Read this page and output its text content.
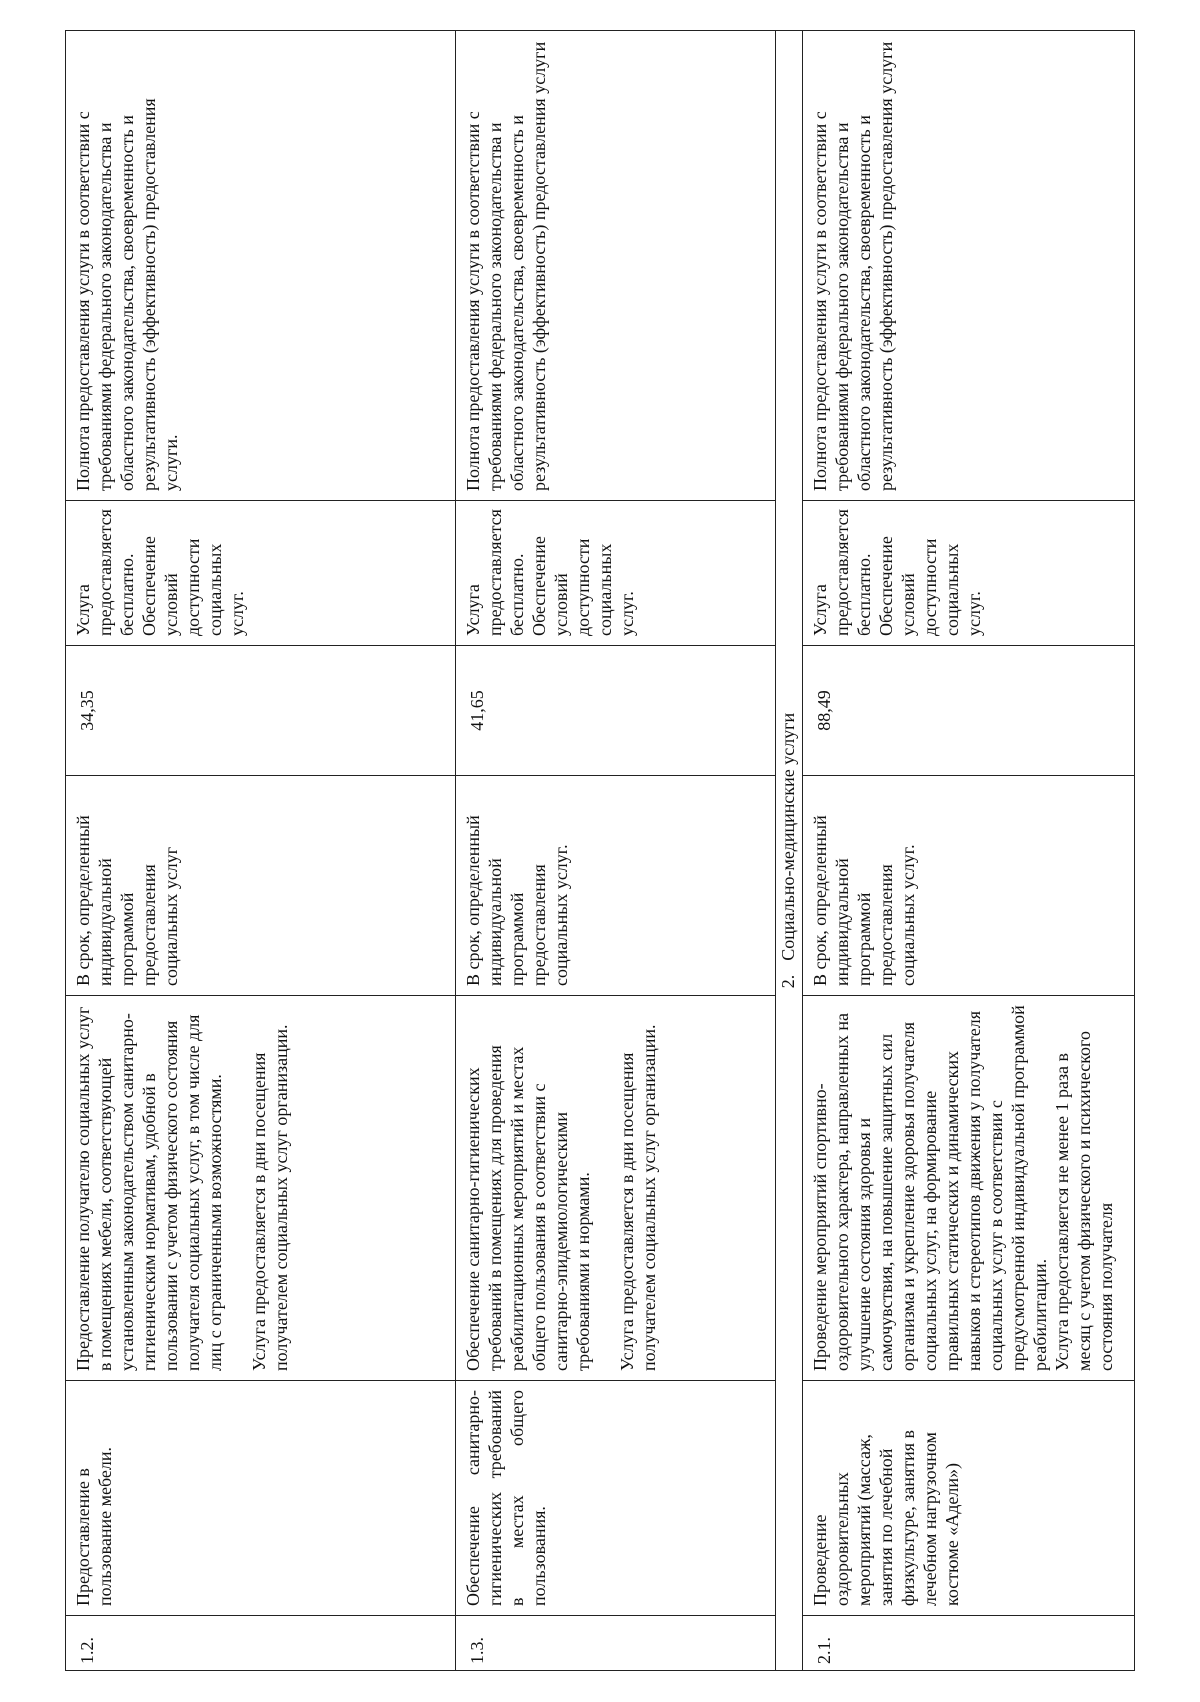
1.2.	Предоставление в пользование мебели.	Предоставление получателю социальных услуг в помещениях мебели, соответствующей установленным законодательством санитарно-гигиеническим нормативам, удобной в пользовании с учетом физического состояния получателя социальных услуг, в том числе для лиц с ограниченными возможностями. Услуга предоставляется в дни посещения получателем социальных услуг организации.	В срок, определенный индивидуальной программой предоставления социальных услуг	34,35	Услуга предоставляется бесплатно. Обеспечение условий доступности социальных услуг.	Полнота предоставления услуги в соответствии с требованиями федерального законодательства и областного законодательства, своевременность и результативность (эффективность) предоставления услуги.
1.3.	Обеспечение санитарно-гигиенических требований в местах общего пользования.	Обеспечение санитарно-гигиенических требований в помещениях для проведения реабилитационных мероприятий и местах общего пользования в соответствии с санитарно-эпидемиологическими требованиями и нормами. Услуга предоставляется в дни посещения получателем социальных услуг организации.	В срок, определенный индивидуальной программой предоставления социальных услуг.	41,65	Услуга предоставляется бесплатно. Обеспечение условий доступности социальных услуг.	Полнота предоставления услуги в соответствии с требованиями федерального законодательства и областного законодательства, своевременность и результативность (эффективность) предоставления услуги
2.Социально-медицинские услуги						
2.1.	Проведение оздоровительных мероприятий (массаж, занятия по лечебной физкультуре, занятия в лечебном нагрузочном костюме «Адели»)	Проведение мероприятий спортивно-оздоровительного характера, направленных на улучшение состояния здоровья и самочувствия, на повышение защитных сил организма и укрепление здоровья получателя социальных услуг, на формирование правильных статических и динамических навыков и стереотипов движения у получателя социальных услуг в соответствии с предусмотренной индивидуальной программой реабилитации. Услуга предоставляется не менее 1 раза в месяц с учетом физического и психического состояния получателя	В срок, определенный индивидуальной программой предоставления социальных услуг.	88,49	Услуга предоставляется бесплатно. Обеспечение условий доступности социальных услуг.	Полнота предоставления услуги в соответствии с требованиями федерального законодательства и областного законодательства, своевременность и результативность (эффективность) предоставления услуги
